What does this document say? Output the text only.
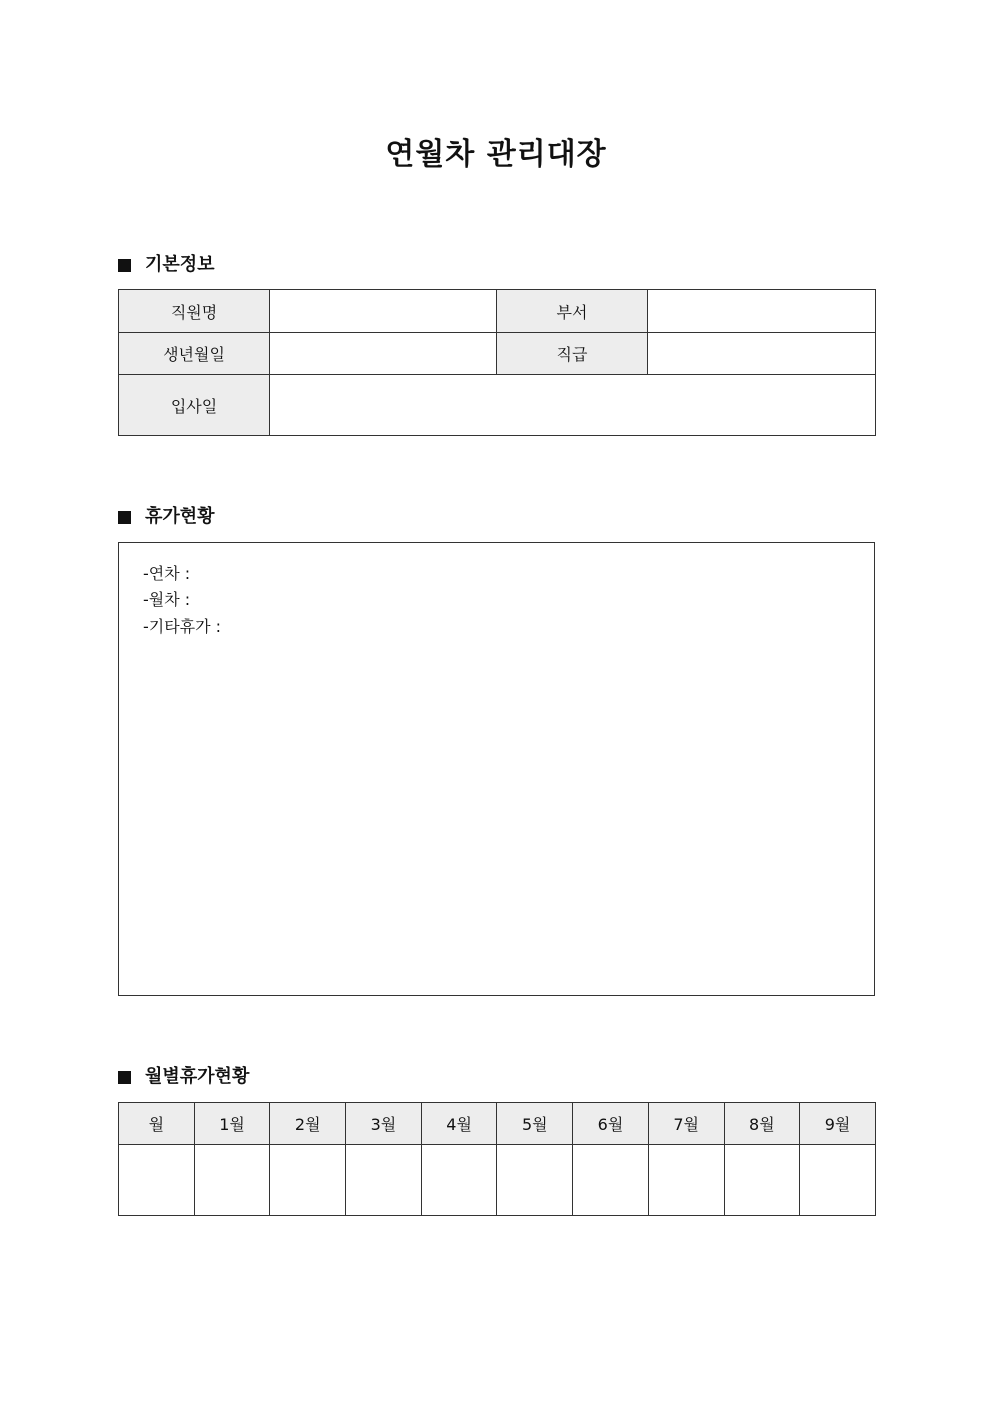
연월차 관리대장
기본정보
직원명		부서	
생년월일		직급	
입사일			
휴가현황
-연차 :
-월차 :
-기타휴가 :
월별휴가현황
월	1월	2월	3월	4월	5월	6월	7월	8월	9월
